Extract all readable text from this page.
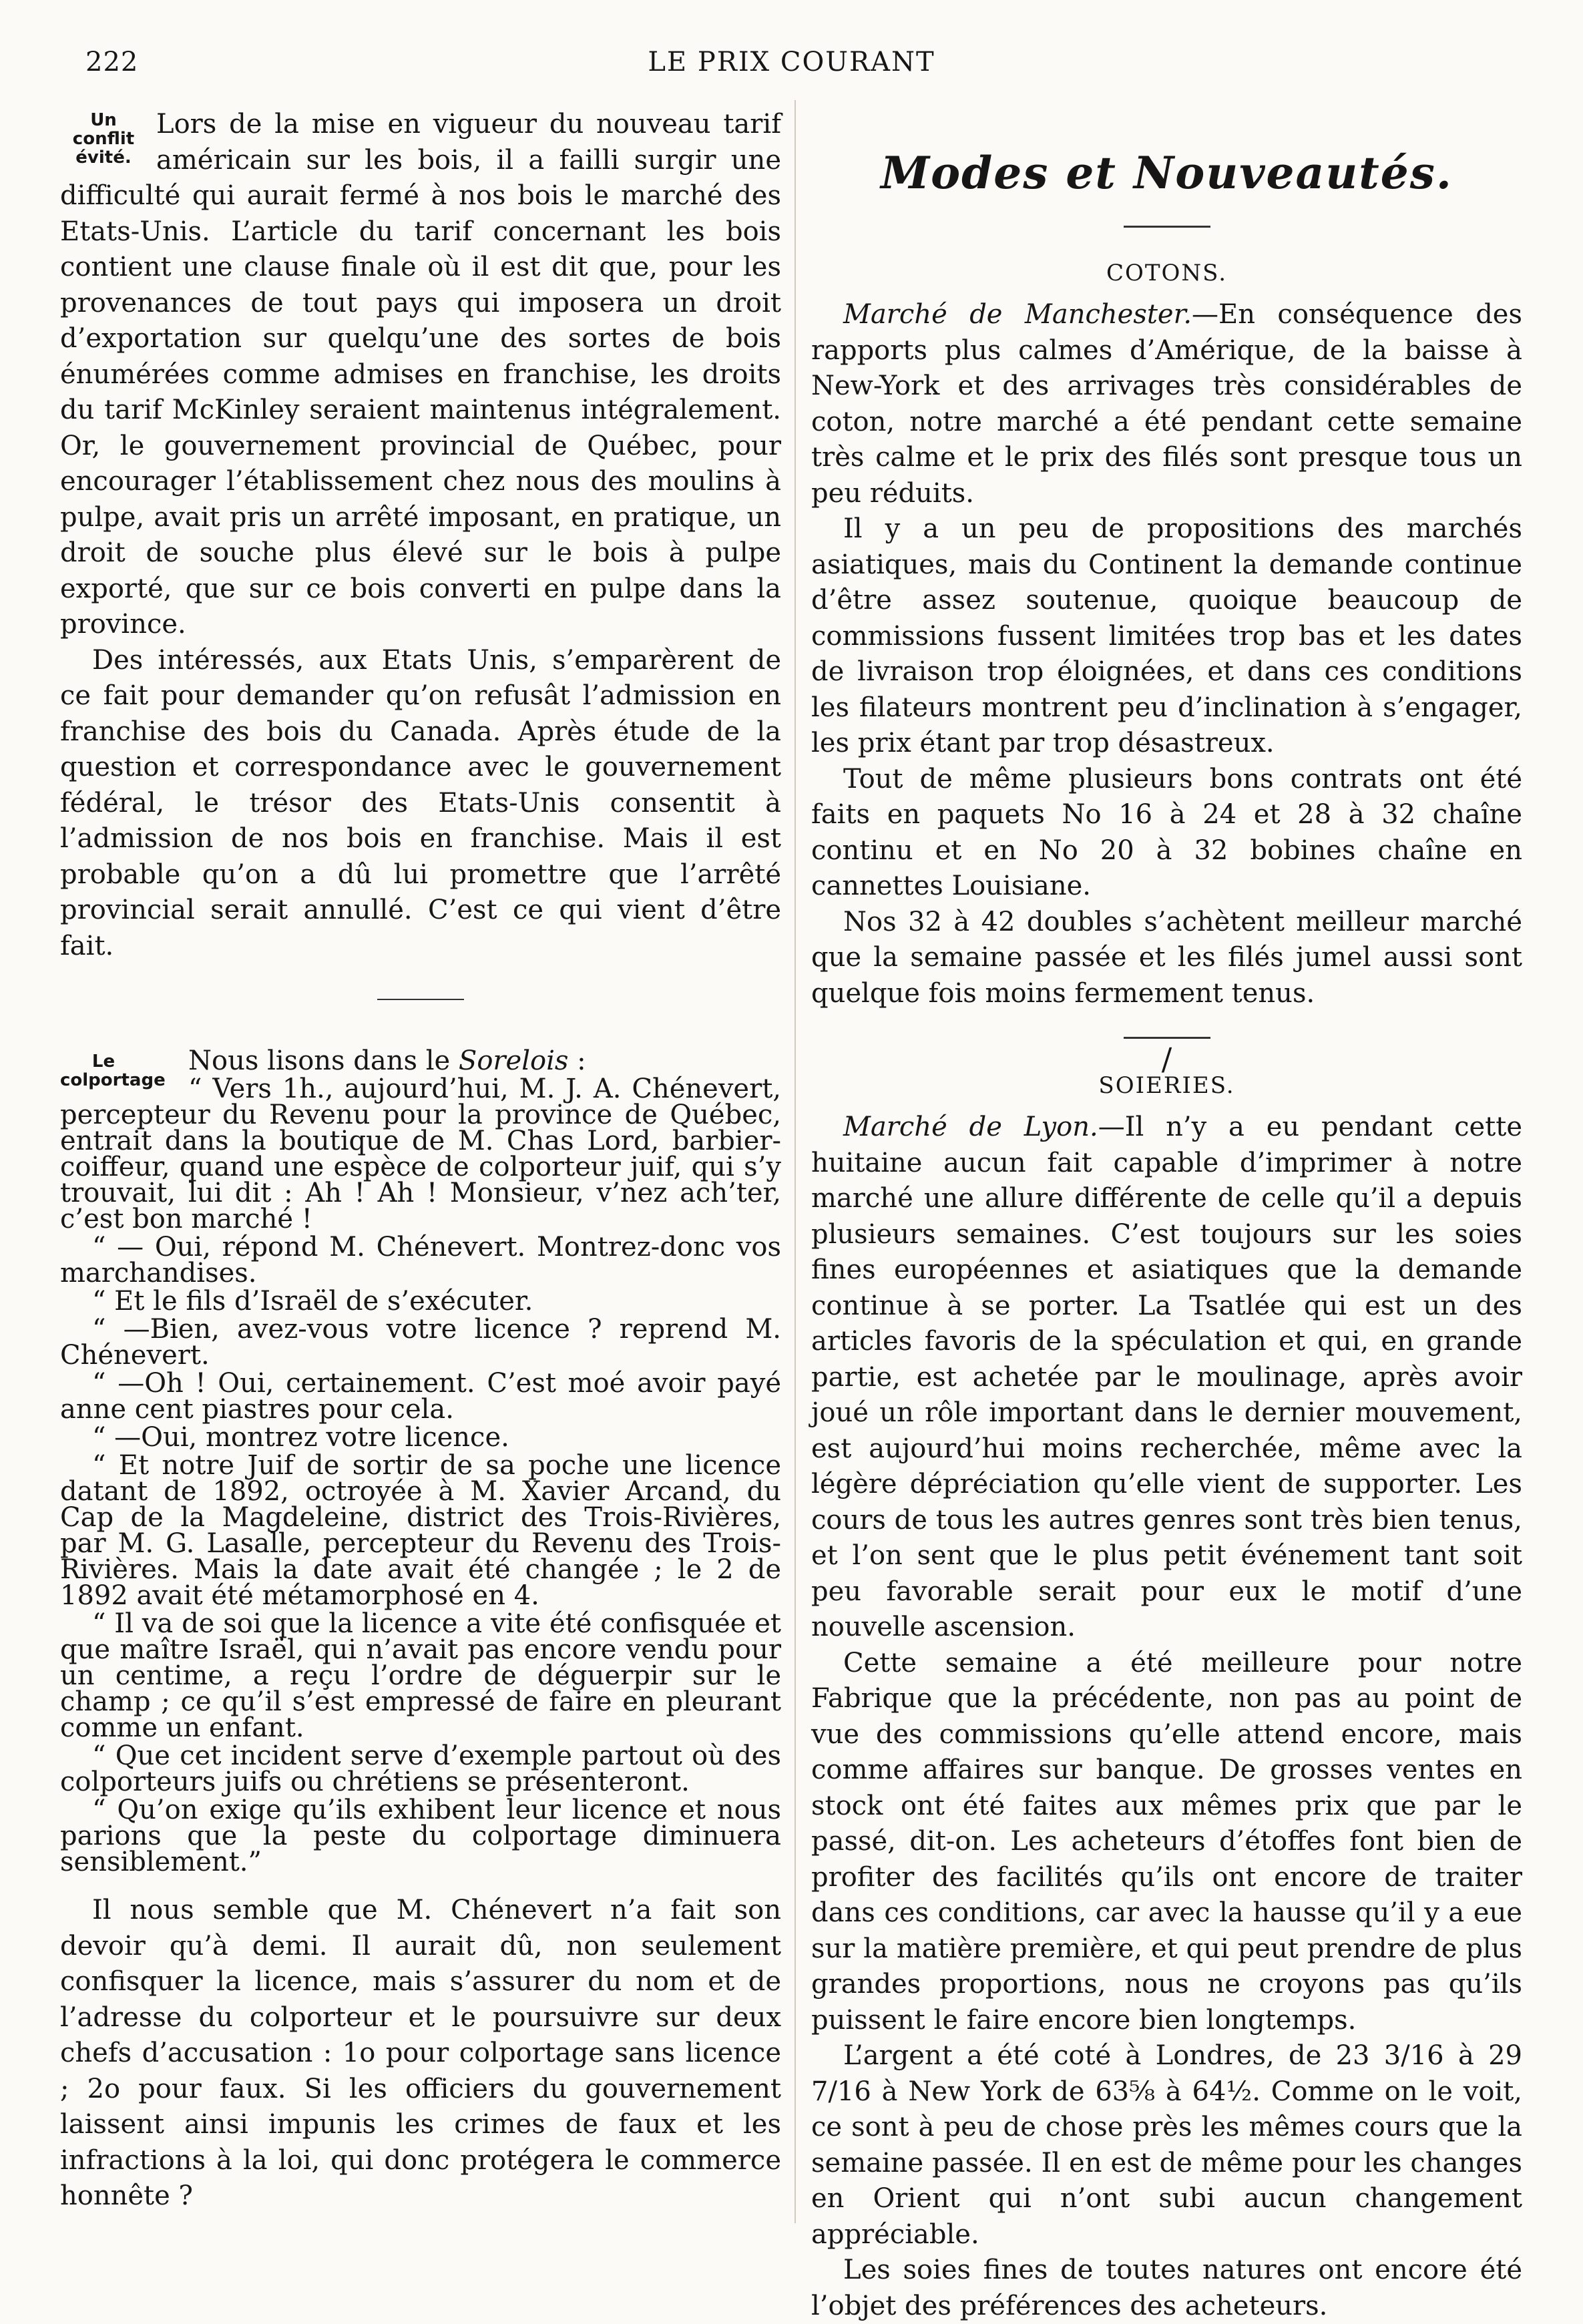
222	LE PRIX COURANT
Un conflit évité.

Lors de la mise en vigueur du nouveau tarif américain sur les bois, il a failli surgir une difficulté qui aurait fermé à nos bois le marché des Etats-Unis. L’article du tarif concernant les bois contient une clause finale où il est dit que, pour les provenances de tout pays qui imposera un droit d’exportation sur quelqu’une des sortes de bois énumérées comme admises en franchise, les droits du tarif McKinley seraient maintenus intégralement. Or, le gouvernement provincial de Québec, pour encourager l’établissement chez nous des moulins à pulpe, avait pris un arrêté imposant, en pratique, un droit de souche plus élevé sur le bois à pulpe exporté, que sur ce bois converti en pulpe dans la province.

Des intéressés, aux Etats Unis, s’emparèrent de ce fait pour demander qu’on refusât l’admission en franchise des bois du Canada. Après étude de la question et correspondance avec le gouvernement fédéral, le trésor des Etats-Unis consentit à l’admission de nos bois en franchise. Mais il est probable qu’on a dû lui promettre que l’arrêté provincial serait annullé. C’est ce qui vient d’être fait.

Le colportage

Nous lisons dans le Sorelois :

“ Vers 1h., aujourd’hui, M. J. A. Chénevert, percepteur du Revenu pour la province de Québec, entrait dans la boutique de M. Chas Lord, barbier-coiffeur, quand une espèce de colporteur juif, qui s’y trouvait, lui dit : Ah ! Ah ! Monsieur, v’nez ach’ter, c’est bon marché !

“ — Oui, répond M. Chénevert. Montrez-donc vos marchandises.

“ Et le fils d’Israël de s’exécuter.

“ —Bien, avez-vous votre licence ? reprend M. Chénevert.

“ —Oh ! Oui, certainement. C’est moé avoir payé anne cent piastres pour cela.

“ —Oui, montrez votre licence.

“ Et notre Juif de sortir de sa poche une licence datant de 1892, octroyée à M. Xavier Arcand, du Cap de la Magdeleine, district des Trois-Rivières, par M. G. Lasalle, percepteur du Revenu des Trois-Rivières. Mais la date avait été changée ; le 2 de 1892 avait été métamorphosé en 4.

“ Il va de soi que la licence a vite été confisquée et que maître Israël, qui n’avait pas encore vendu pour un centime, a reçu l’ordre de déguerpir sur le champ ; ce qu’il s’est empressé de faire en pleurant comme un enfant.

“ Que cet incident serve d’exemple partout où des colporteurs juifs ou chrétiens se présenteront.

“ Qu’on exige qu’ils exhibent leur licence et nous parions que la peste du colportage diminuera sensiblement.”

Il nous semble que M. Chénevert n’a fait son devoir qu’à demi. Il aurait dû, non seulement confisquer la licence, mais s’assurer du nom et de l’adresse du colporteur et le poursuivre sur deux chefs d’accusation : 1o pour colportage sans licence ; 2o pour faux. Si les officiers du gouvernement laissent ainsi impunis les crimes de faux et les infractions à la loi, qui donc protégera le commerce honnête ?

Modes et Nouveautés.
COTONS.

Marché de Manchester.—En conséquence des rapports plus calmes d’Amérique, de la baisse à New-York et des arrivages très considérables de coton, notre marché a été pendant cette semaine très calme et le prix des filés sont presque tous un peu réduits.

Il y a un peu de propositions des marchés asiatiques, mais du Continent la demande continue d’être assez soutenue, quoique beaucoup de commissions fussent limitées trop bas et les dates de livraison trop éloignées, et dans ces conditions les filateurs montrent peu d’inclination à s’engager, les prix étant par trop désastreux.

Tout de même plusieurs bons contrats ont été faits en paquets No 16 à 24 et 28 à 32 chaîne continu et en No 20 à 32 bobines chaîne en cannettes Louisiane.

Nos 32 à 42 doubles s’achètent meilleur marché que la semaine passée et les filés jumel aussi sont quelque fois moins fermement tenus.

/
SOIERIES.

Marché de Lyon.—Il n’y a eu pendant cette huitaine aucun fait capable d’imprimer à notre marché une allure différente de celle qu’il a depuis plusieurs semaines. C’est toujours sur les soies fines européennes et asiatiques que la demande continue à se porter. La Tsatlée qui est un des articles favoris de la spéculation et qui, en grande partie, est achetée par le moulinage, après avoir joué un rôle important dans le dernier mouvement, est aujourd’hui moins recherchée, même avec la légère dépréciation qu’elle vient de supporter. Les cours de tous les autres genres sont très bien tenus, et l’on sent que le plus petit événement tant soit peu favorable serait pour eux le motif d’une nouvelle ascension.

Cette semaine a été meilleure pour notre Fabrique que la précédente, non pas au point de vue des commissions qu’elle attend encore, mais comme affaires sur banque. De grosses ventes en stock ont été faites aux mêmes prix que par le passé, dit-on. Les acheteurs d’étoffes font bien de profiter des facilités qu’ils ont encore de traiter dans ces conditions, car avec la hausse qu’il y a eue sur la matière première, et qui peut prendre de plus grandes proportions, nous ne croyons pas qu’ils puissent le faire encore bien longtemps.

L’argent a été coté à Londres, de 23 3/16 à 29 7/16 à New York de 63⅝ à 64½. Comme on le voit, ce sont à peu de chose près les mêmes cours que la semaine passée. Il en est de même pour les changes en Orient qui n’ont subi aucun changement appréciable.

Les soies fines de toutes natures ont encore été l’objet des préférences des acheteurs.
